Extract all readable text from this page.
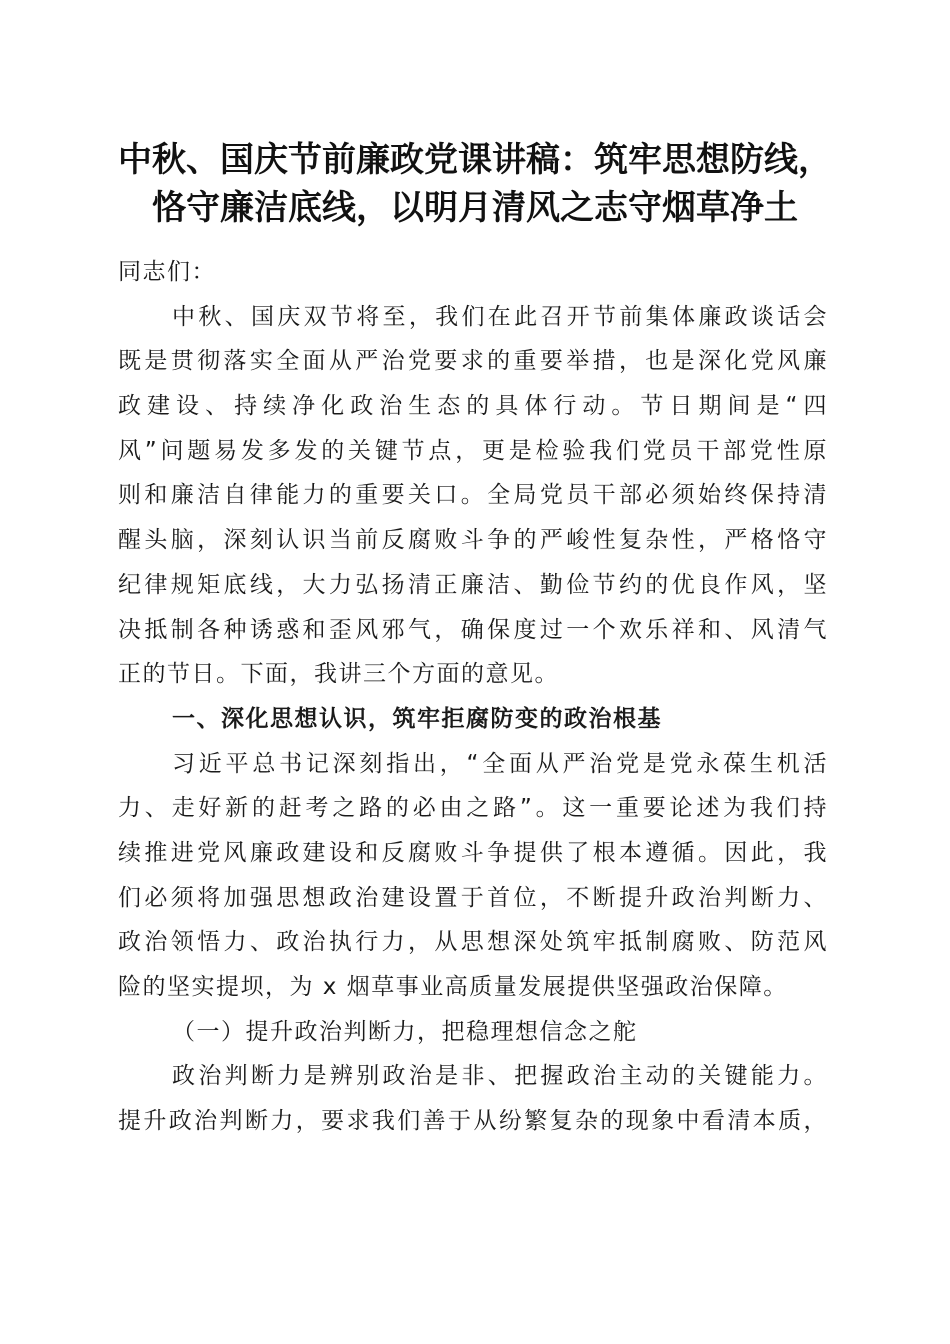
中秋、国庆节前廉政党课讲稿：筑牢思想防线，
恪守廉洁底线，以明月清风之志守烟草净土
同志们：
中秋、国庆双节将至，我们在此召开节前集体廉政谈话会
既是贯彻落实全面从严治党要求的重要举措，也是深化党风廉
政建设、持续净化政治生态的具体行动。节日期间是“四
风”问题易发多发的关键节点，更是检验我们党员干部党性原
则和廉洁自律能力的重要关口。全局党员干部必须始终保持清
醒头脑，深刻认识当前反腐败斗争的严峻性复杂性，严格恪守
纪律规矩底线，大力弘扬清正廉洁、勤俭节约的优良作风，坚
决抵制各种诱惑和歪风邪气，确保度过一个欢乐祥和、风清气
正的节日。下面，我讲三个方面的意见。
一、深化思想认识，筑牢拒腐防变的政治根基
习近平总书记深刻指出，“全面从严治党是党永葆生机活
力、走好新的赶考之路的必由之路”。这一重要论述为我们持
续推进党风廉政建设和反腐败斗争提供了根本遵循。因此，我
们必须将加强思想政治建设置于首位，不断提升政治判断力、
政治领悟力、政治执行力，从思想深处筑牢抵制腐败、防范风
险的坚实提坝，为 x 烟草事业高质量发展提供坚强政治保障。
（一）提升政治判断力，把稳理想信念之舵
政治判断力是辨别政治是非、把握政治主动的关键能力。
提升政治判断力，要求我们善于从纷繁复杂的现象中看清本质，
